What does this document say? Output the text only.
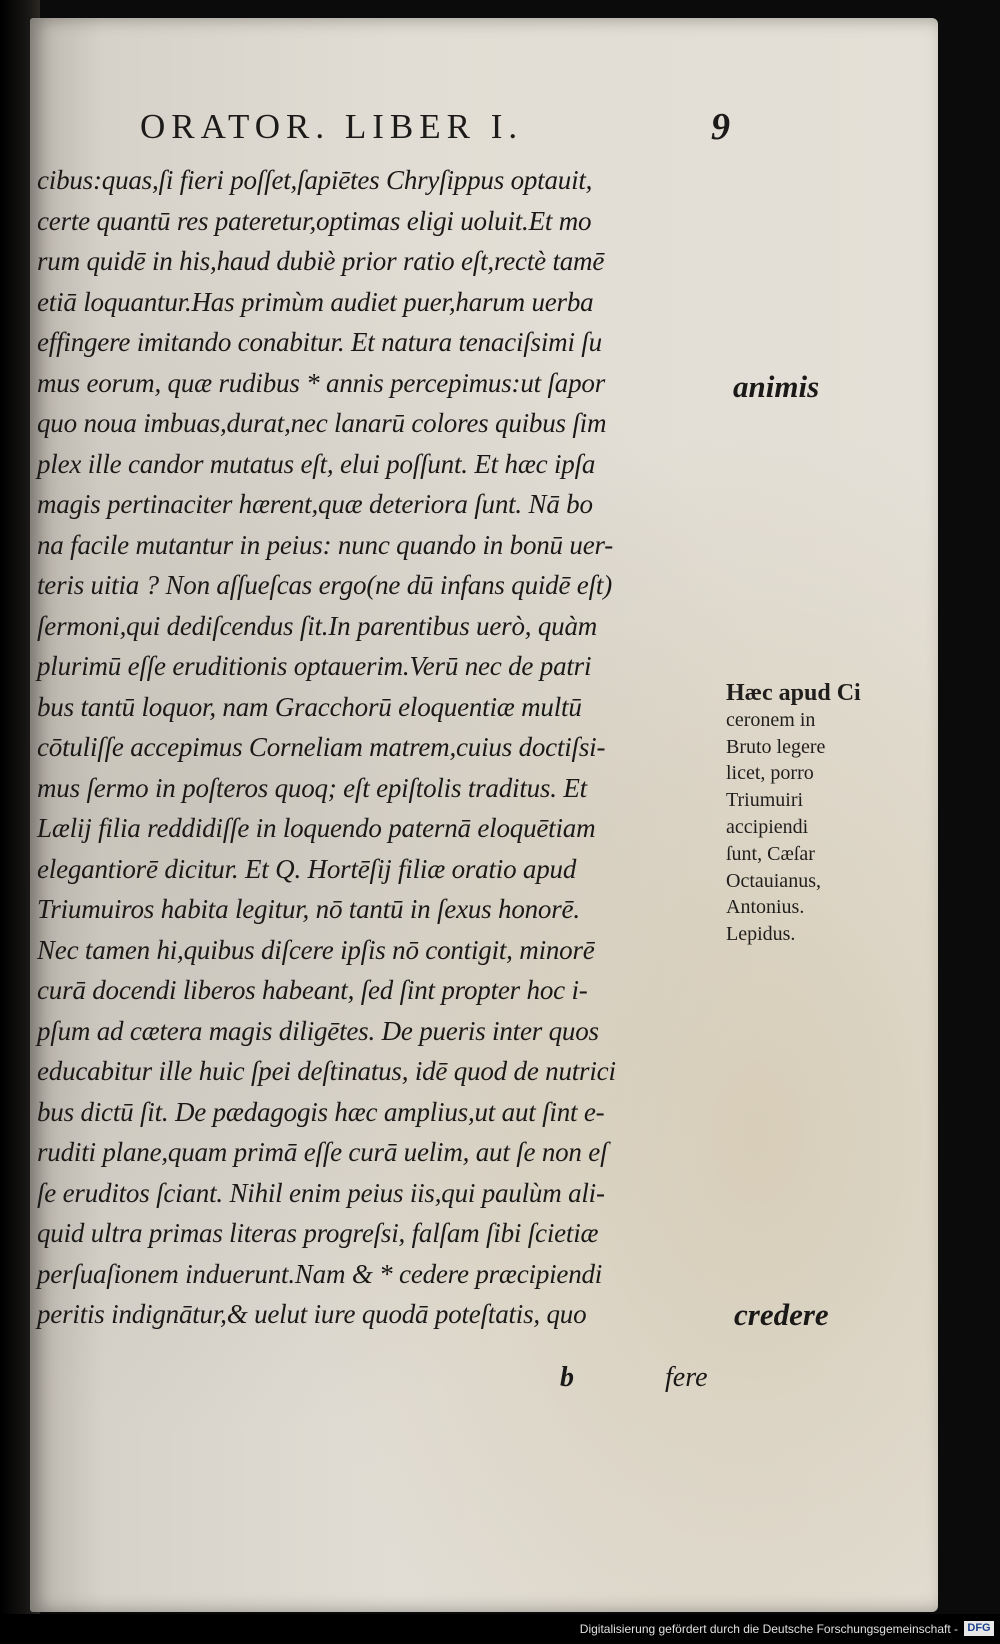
ORATOR. LIBER I.	9
cibus:quas,ſi fieri poſſet,ſapiētes Chryſippus optauit,
certe quantū res pateretur,optimas eligi uoluit.Et mo
rum quidē in his,haud dubiè prior ratio eſt,rectè tamē
etiā loquantur.Has primùm audiet puer,harum uerba
effingere imitando conabitur. Et natura tenaciſsimi ſu
mus eorum, quæ rudibus * annis percepimus:ut ſapor
quo noua imbuas,durat,nec lanarū colores quibus ſim
plex ille candor mutatus eſt, elui poſſunt. Et hæc ipſa
magis pertinaciter hærent,quæ deteriora ſunt. Nā bo
na facile mutantur in peius: nunc quando in bonū uer-
teris uitia ? Non aſſueſcas ergo(ne dū infans quidē eſt)
ſermoni,qui dediſcendus ſit.In parentibus uerò, quàm
plurimū eſſe eruditionis optauerim.Verū nec de patri
bus tantū loquor, nam Gracchorū eloquentiæ multū
cōtuliſſe accepimus Corneliam matrem,cuius doctiſsi-
mus ſermo in poſteros quoq; eſt epiſtolis traditus. Et
Lælij filia reddidiſſe in loquendo paternā eloquētiam
elegantiorē dicitur. Et Q. Hortēſij filiæ oratio apud
Triumuiros habita legitur, nō tantū in ſexus honorē.
Nec tamen hi,quibus diſcere ipſis nō contigit, minorē
curā docendi liberos habeant, ſed ſint propter hoc i-
pſum ad cætera magis diligētes. De pueris inter quos
educabitur ille huic ſpei deſtinatus, idē quod de nutrici
bus dictū ſit. De pædagogis hæc amplius,ut aut ſint e-
ruditi plane,quam primā eſſe curā uelim, aut ſe non eſ
ſe eruditos ſciant. Nihil enim peius iis,qui paulùm ali-
quid ultra primas literas progreſsi, falſam ſibi ſcietiæ
perſuaſionem induerunt.Nam & * cedere præcipiendi
peritis indignātur,& uelut iure quodā poteſtatis, quo
animis
Hæc apud Ci
ceronem in
Bruto legere
licet, porro
Triumuiri
accipiendi
ſunt, Cæſar
Octauianus,
Antonius.
Lepidus.
credere
b	fere
Digitalisierung gefördert durch die Deutsche Forschungsgemeinschaft - DFG
